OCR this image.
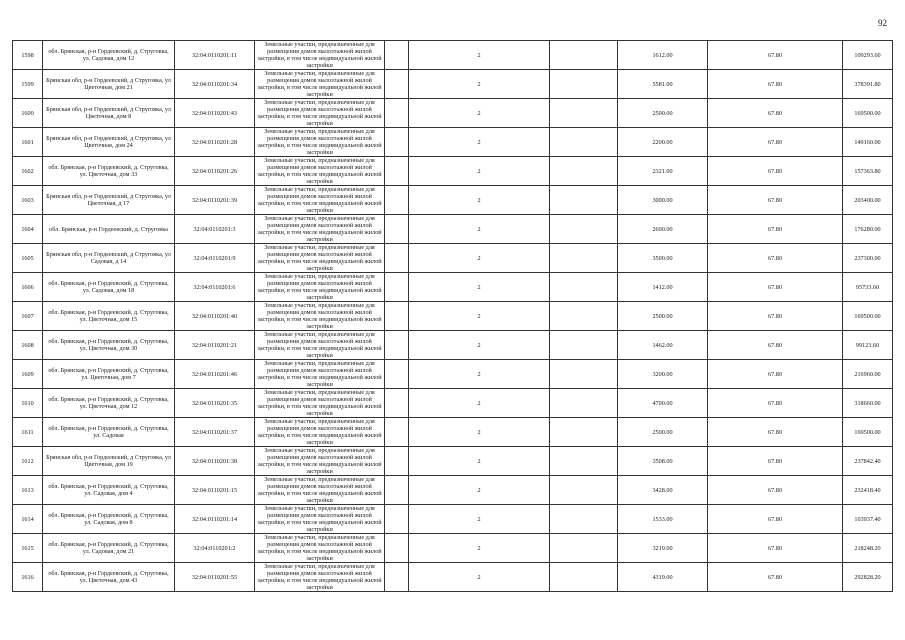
92
1598	обл. Брянская, р-н Гордеевский, д. Струговка, ул. Садовая, дом 12	32:04:0110201:11	Земельные участки, предназначенные для размещения домов малоэтажной жилой застройки, в том числе индивидуальной жилой застройки		2		1612.00	67.80	109293.60
1599	Брянская обл, р-н Гордеевский, д Струговка, ул Цветочная, дом 21	32:04:0110201:34	Земельные участки, предназначенные для размещения домов малоэтажной жилой застройки, в том числе индивидуальной жилой застройки		2		5581.00	67.80	378391.80
1600	Брянская обл, р-н Гордеевский, д Струговка, ул Цветочная, дом 8	32:04:0110201:43	Земельные участки, предназначенные для размещения домов малоэтажной жилой застройки, в том числе индивидуальной жилой застройки		2		2500.00	67.80	169500.00
1601	Брянская обл, р-н Гордеевский, д Струговка, ул Цветочная, дом 24	32:04:0110201:28	Земельные участки, предназначенные для размещения домов малоэтажной жилой застройки, в том числе индивидуальной жилой застройки		2		2200.00	67.80	149160.00
1602	обл. Брянская, р-н Гордеевский, д. Струговка, ул. Цветочная, дом 33	32:04:0110201:26	Земельные участки, предназначенные для размещения домов малоэтажной жилой застройки, в том числе индивидуальной жилой застройки		2		2321.00	67.80	157363.80
1603	Брянская обл, р-н Гордеевский, д Струговка, ул Цветочная, д 17	32:04:0110201:39	Земельные участки, предназначенные для размещения домов малоэтажной жилой застройки, в том числе индивидуальной жилой застройки		2		3000.00	67.80	203400.00
1604	обл. Брянская, р-н Гордеевский, д. Струговка	32:04:0110201:3	Земельные участки, предназначенные для размещения домов малоэтажной жилой застройки, в том числе индивидуальной жилой застройки		2		2600.00	67.80	176280.00
1605	Брянская обл, р-н Гордеевский, д Струговка, ул Садовая, д 14	32:04:0110201:9	Земельные участки, предназначенные для размещения домов малоэтажной жилой застройки, в том числе индивидуальной жилой застройки		2		3500.00	67.80	237300.00
1606	обл. Брянская, р-н Гордеевский, д. Струговка, ул. Садовая, дом 18	32:04:0110201:6	Земельные участки, предназначенные для размещения домов малоэтажной жилой застройки, в том числе индивидуальной жилой застройки		2		1412.00	67.80	95733.60
1607	обл. Брянская, р-н Гордеевский, д. Струговка, ул. Цветочная, дом 15	32:04:0110201:40	Земельные участки, предназначенные для размещения домов малоэтажной жилой застройки, в том числе индивидуальной жилой застройки		2		2500.00	67.80	169500.00
1608	обл. Брянская, р-н Гордеевский, д. Струговка, ул. Цветочная, дом 30	32:04:0110201:21	Земельные участки, предназначенные для размещения домов малоэтажной жилой застройки, в том числе индивидуальной жилой застройки		2		1462.00	67.80	99123.60
1609	обл. Брянская, р-н Гордеевский, д. Струговка, ул. Цветочная, дом 7	32:04:0110201:46	Земельные участки, предназначенные для размещения домов малоэтажной жилой застройки, в том числе индивидуальной жилой застройки		2		3200.00	67.80	216960.00
1610	обл. Брянская, р-н Гордеевский, д. Струговка, ул. Цветочная, дом 12	32:04:0110201:35	Земельные участки, предназначенные для размещения домов малоэтажной жилой застройки, в том числе индивидуальной жилой застройки		2		4700.00	67.80	318660.00
1611	обл. Брянская, р-н Гордеевский, д. Струговка, ул. Садовая	32:04:0110201:37	Земельные участки, предназначенные для размещения домов малоэтажной жилой застройки, в том числе индивидуальной жилой застройки		2		2500.00	67.80	169500.00
1612	Брянская обл, р-н Гордеевский, д Струговка, ул Цветочная, дом 19	32:04:0110201:38	Земельные участки, предназначенные для размещения домов малоэтажной жилой застройки, в том числе индивидуальной жилой застройки		2		3508.00	67.80	237842.40
1613	обл. Брянская, р-н Гордеевский, д. Струговка, ул. Садовая, дом 4	32:04:0110201:15	Земельные участки, предназначенные для размещения домов малоэтажной жилой застройки, в том числе индивидуальной жилой застройки		2		3428.00	67.80	232418.40
1614	обл. Брянская, р-н Гордеевский, д. Струговка, ул. Садовая, дом 8	32:04:0110201:14	Земельные участки, предназначенные для размещения домов малоэтажной жилой застройки, в том числе индивидуальной жилой застройки		2		1533.00	67.80	103937.40
1615	обл. Брянская, р-н Гордеевский, д. Струговка, ул. Садовая, дом 21	32:04:0110201:2	Земельные участки, предназначенные для размещения домов малоэтажной жилой застройки, в том числе индивидуальной жилой застройки		2		3219.00	67.80	218248.20
1616	обл. Брянская, р-н Гордеевский, д. Струговка, ул. Цветочная, дом 43	32:04:0110201:55	Земельные участки, предназначенные для размещения домов малоэтажной жилой застройки, в том числе индивидуальной жилой застройки		2		4319.00	67.80	292828.20
